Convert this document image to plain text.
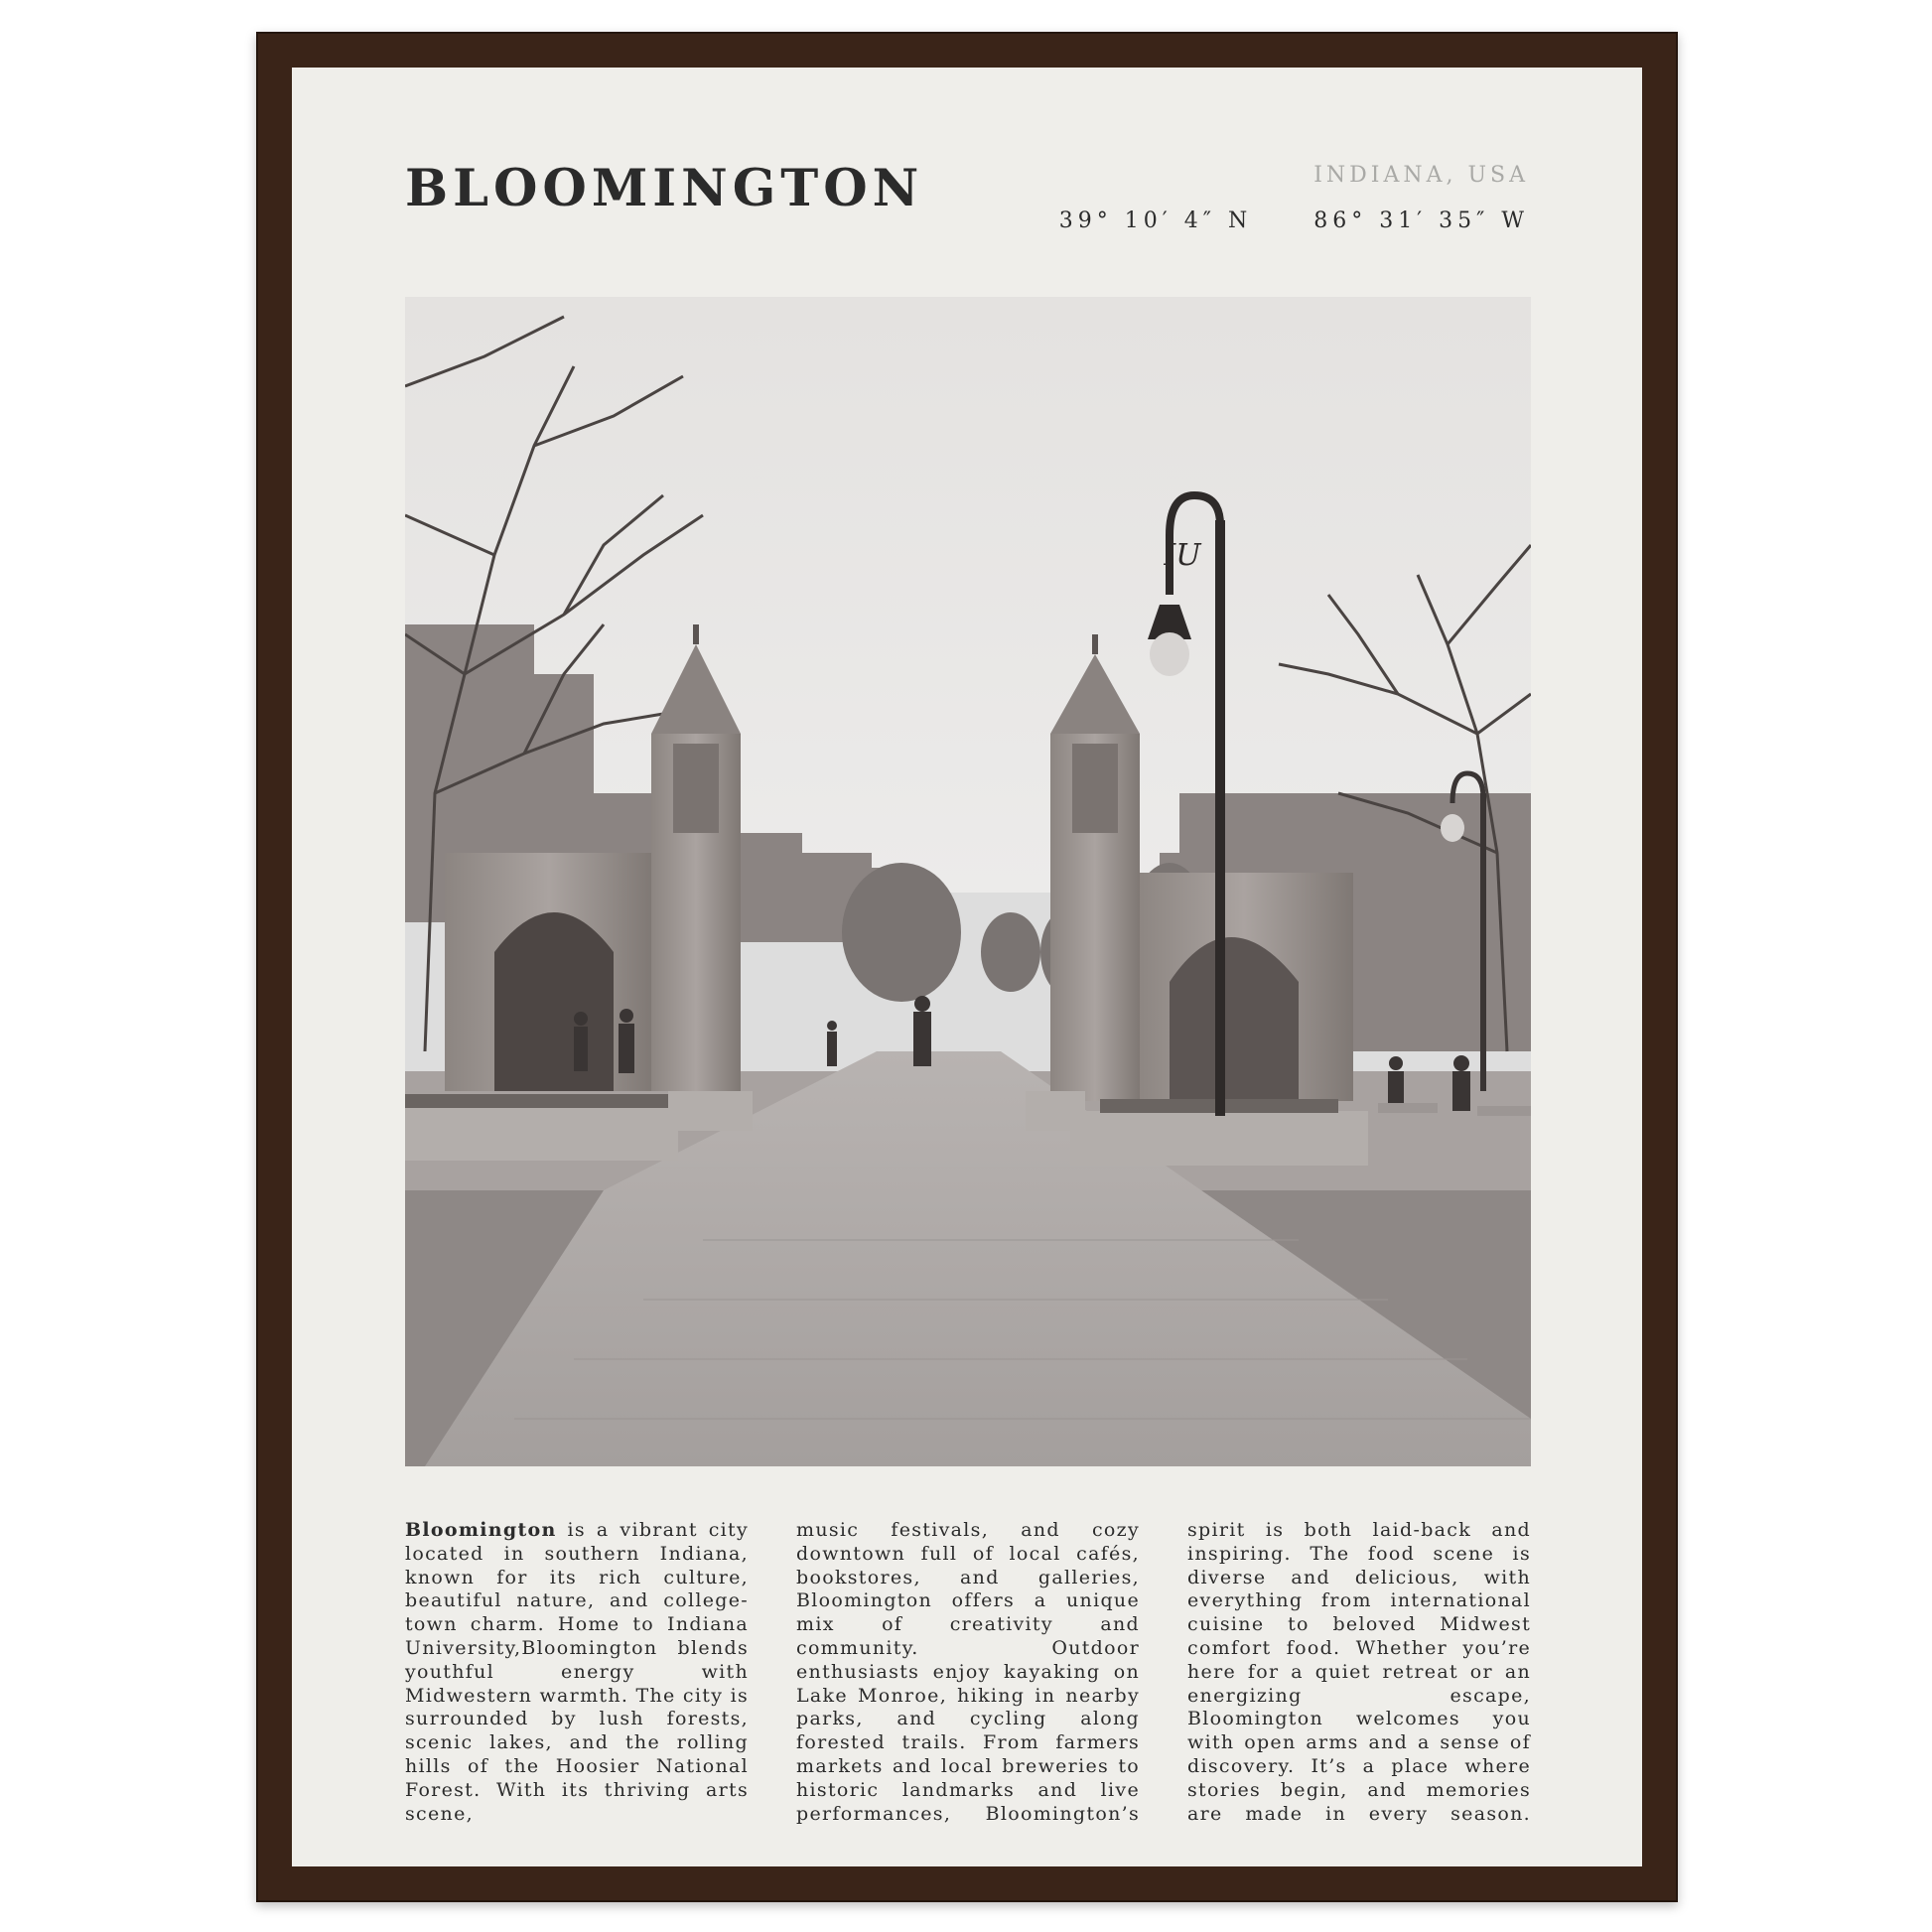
BLOOMINGTON	INDIANA, USA
39° 10′ 4″ N	86° 31′ 35″ W
IU
Bloomington is a vibrant city located in southern Indiana, known for its rich culture, beautiful nature, and college-town charm. Home to Indiana University,Bloomington blends youthful energy with Midwestern warmth. The city is surrounded by lush forests, scenic lakes, and the rolling hills of the Hoosier National Forest. With its thriving arts scene,
music festivals, and cozy downtown full of local cafés, bookstores, and galleries, Bloomington offers a unique mix of creativity and community. Outdoor enthusiasts enjoy kayaking on Lake Monroe, hiking in nearby parks, and cycling along forested trails. From farmers markets and local breweries to historic landmarks and live performances, Bloomington’s
spirit is both laid-back and inspiring. The food scene is diverse and delicious, with everything from international cuisine to beloved Midwest comfort food. Whether you’re here for a quiet retreat or an energizing escape, Bloomington welcomes you with open arms and a sense of discovery. It’s a place where stories begin, and memories are made in every season.
